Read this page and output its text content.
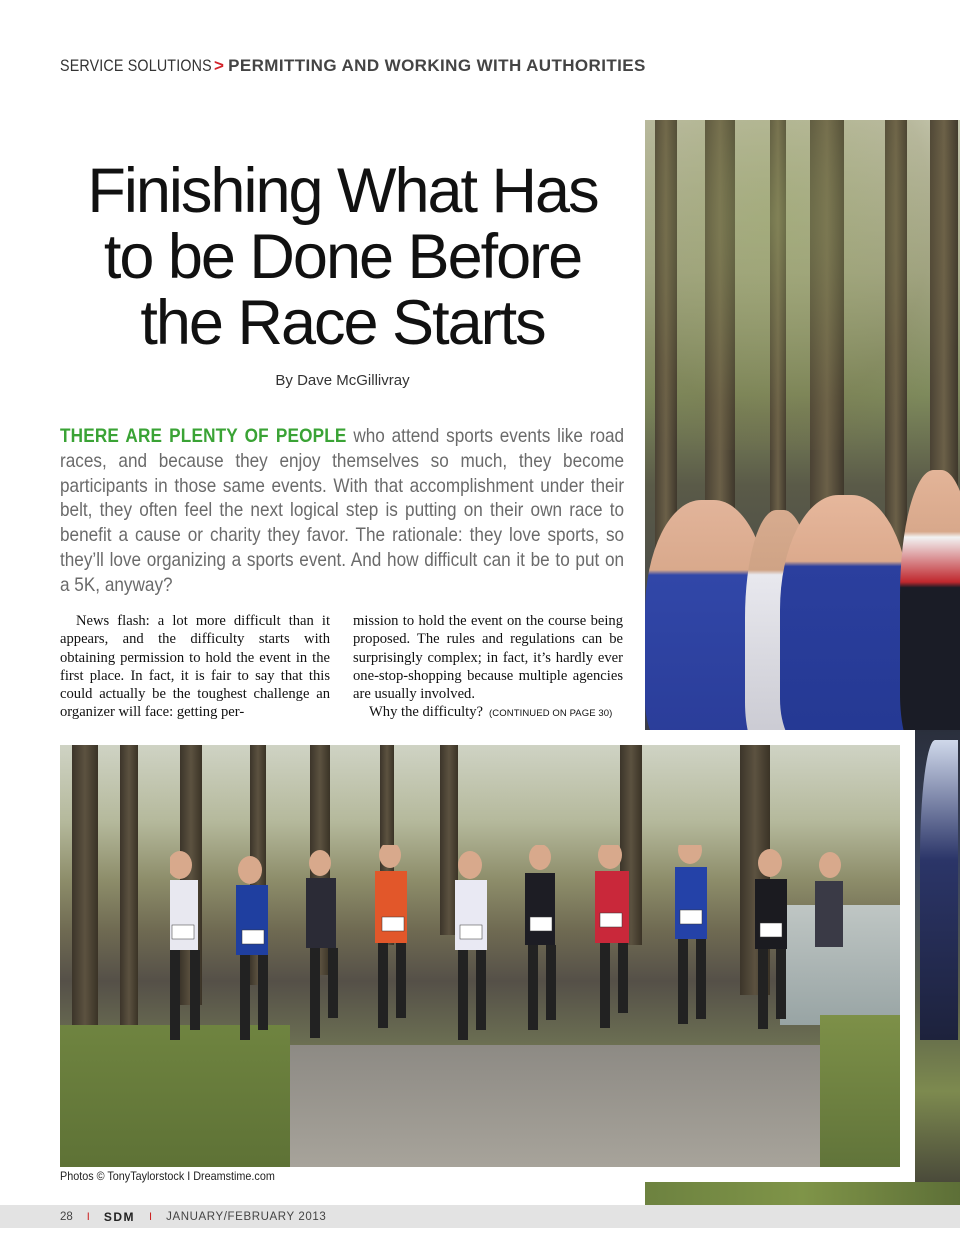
SERVICE SOLUTIONS > PERMITTING AND WORKING WITH AUTHORITIES
Finishing What Has
to be Done Before
the Race Starts
By Dave McGillivray
THERE ARE PLENTY OF PEOPLE who attend sports events like road races, and because they enjoy themselves so much, they become participants in those same events. With that accomplishment under their belt, they often feel the next logical step is putting on their own race to benefit a cause or charity they favor. The rationale: they love sports, so they’ll love organizing a sports event. And how difficult can it be to put on a 5K, anyway?

News flash: a lot more difficult than it appears, and the difficulty starts with obtaining permission to hold the event in the first place. In fact, it is fair to say that this could actually be the toughest challenge an organizer will face: getting per-

mission to hold the event on the course being proposed. The rules and regulations can be surprisingly complex; in fact, it’s hardly ever one-stop-shopping because multiple agencies are usually involved.

Why the difficulty? (CONTINUED ON PAGE 30)

Photos © TonyTaylorstock I Dreamstime.com
28 I SDM I JANUARY/FEBRUARY 2013
